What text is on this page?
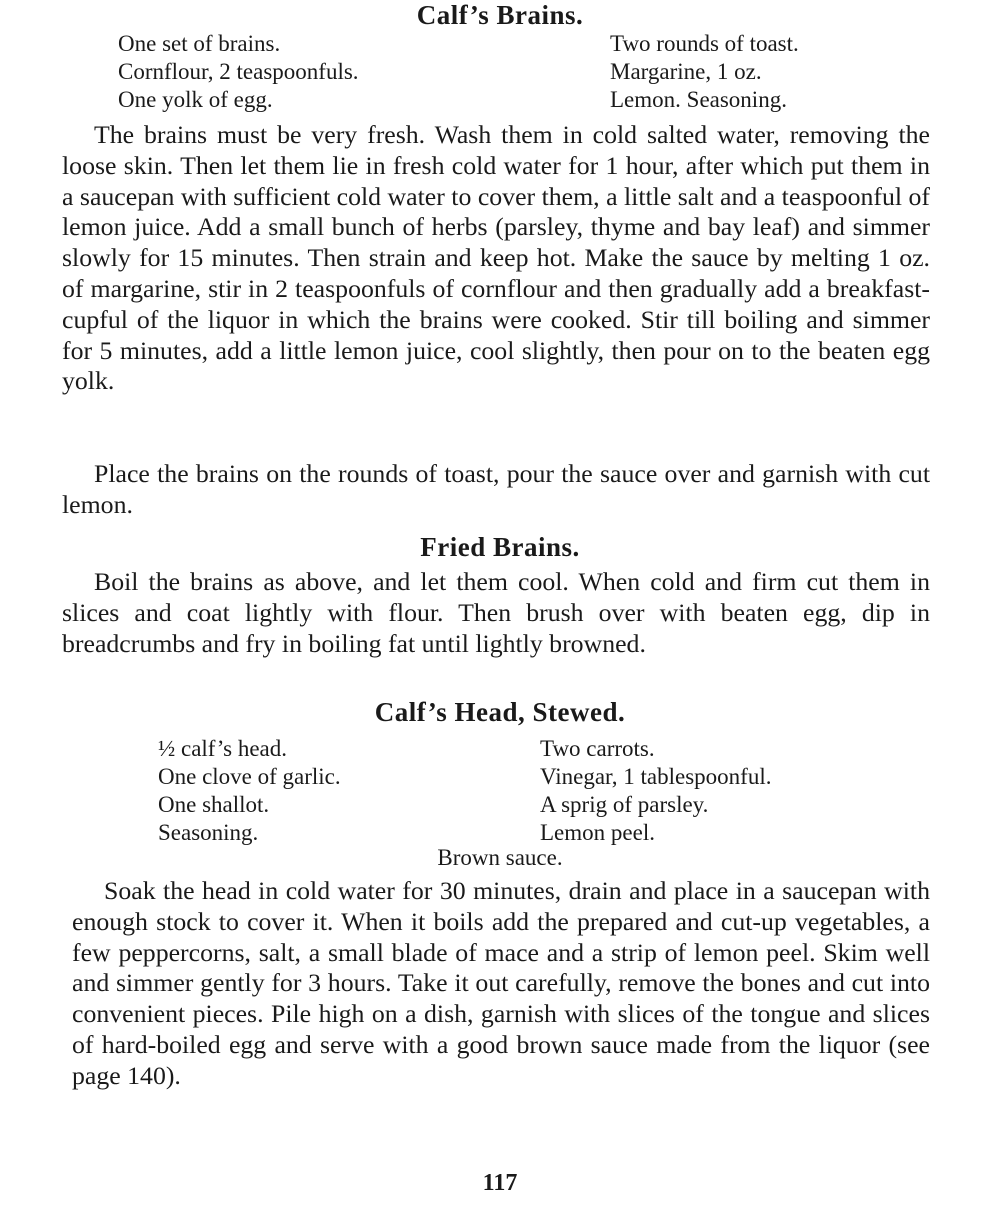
Calf’s Brains.
One set of brains.
Cornflour, 2 teaspoonfuls.
One yolk of egg.
Two rounds of toast.
Margarine, 1 oz.
Lemon. Seasoning.

The brains must be very fresh. Wash them in cold salted water, removing the loose skin. Then let them lie in fresh cold water for 1 hour, after which put them in a saucepan with sufficient cold water to cover them, a little salt and a teaspoonful of lemon juice. Add a small bunch of herbs (parsley, thyme and bay leaf) and simmer slowly for 15 minutes. Then strain and keep hot. Make the sauce by melting 1 oz. of margarine, stir in 2 teaspoonfuls of cornflour and then gradually add a breakfast-cupful of the liquor in which the brains were cooked. Stir till boiling and simmer for 5 minutes, add a little lemon juice, cool slightly, then pour on to the beaten egg yolk.

Place the brains on the rounds of toast, pour the sauce over and garnish with cut lemon.

Fried Brains.

Boil the brains as above, and let them cool. When cold and firm cut them in slices and coat lightly with flour. Then brush over with beaten egg, dip in breadcrumbs and fry in boiling fat until lightly browned.

Calf’s Head, Stewed.
½ calf’s head.
One clove of garlic.
One shallot.
Seasoning.
Two carrots.
Vinegar, 1 tablespoonful.
A sprig of parsley.
Lemon peel.

Brown sauce.

Soak the head in cold water for 30 minutes, drain and place in a saucepan with enough stock to cover it. When it boils add the prepared and cut-up vegetables, a few peppercorns, salt, a small blade of mace and a strip of lemon peel. Skim well and simmer gently for 3 hours. Take it out carefully, remove the bones and cut into convenient pieces. Pile high on a dish, garnish with slices of the tongue and slices of hard-boiled egg and serve with a good brown sauce made from the liquor (see page 140).

117
